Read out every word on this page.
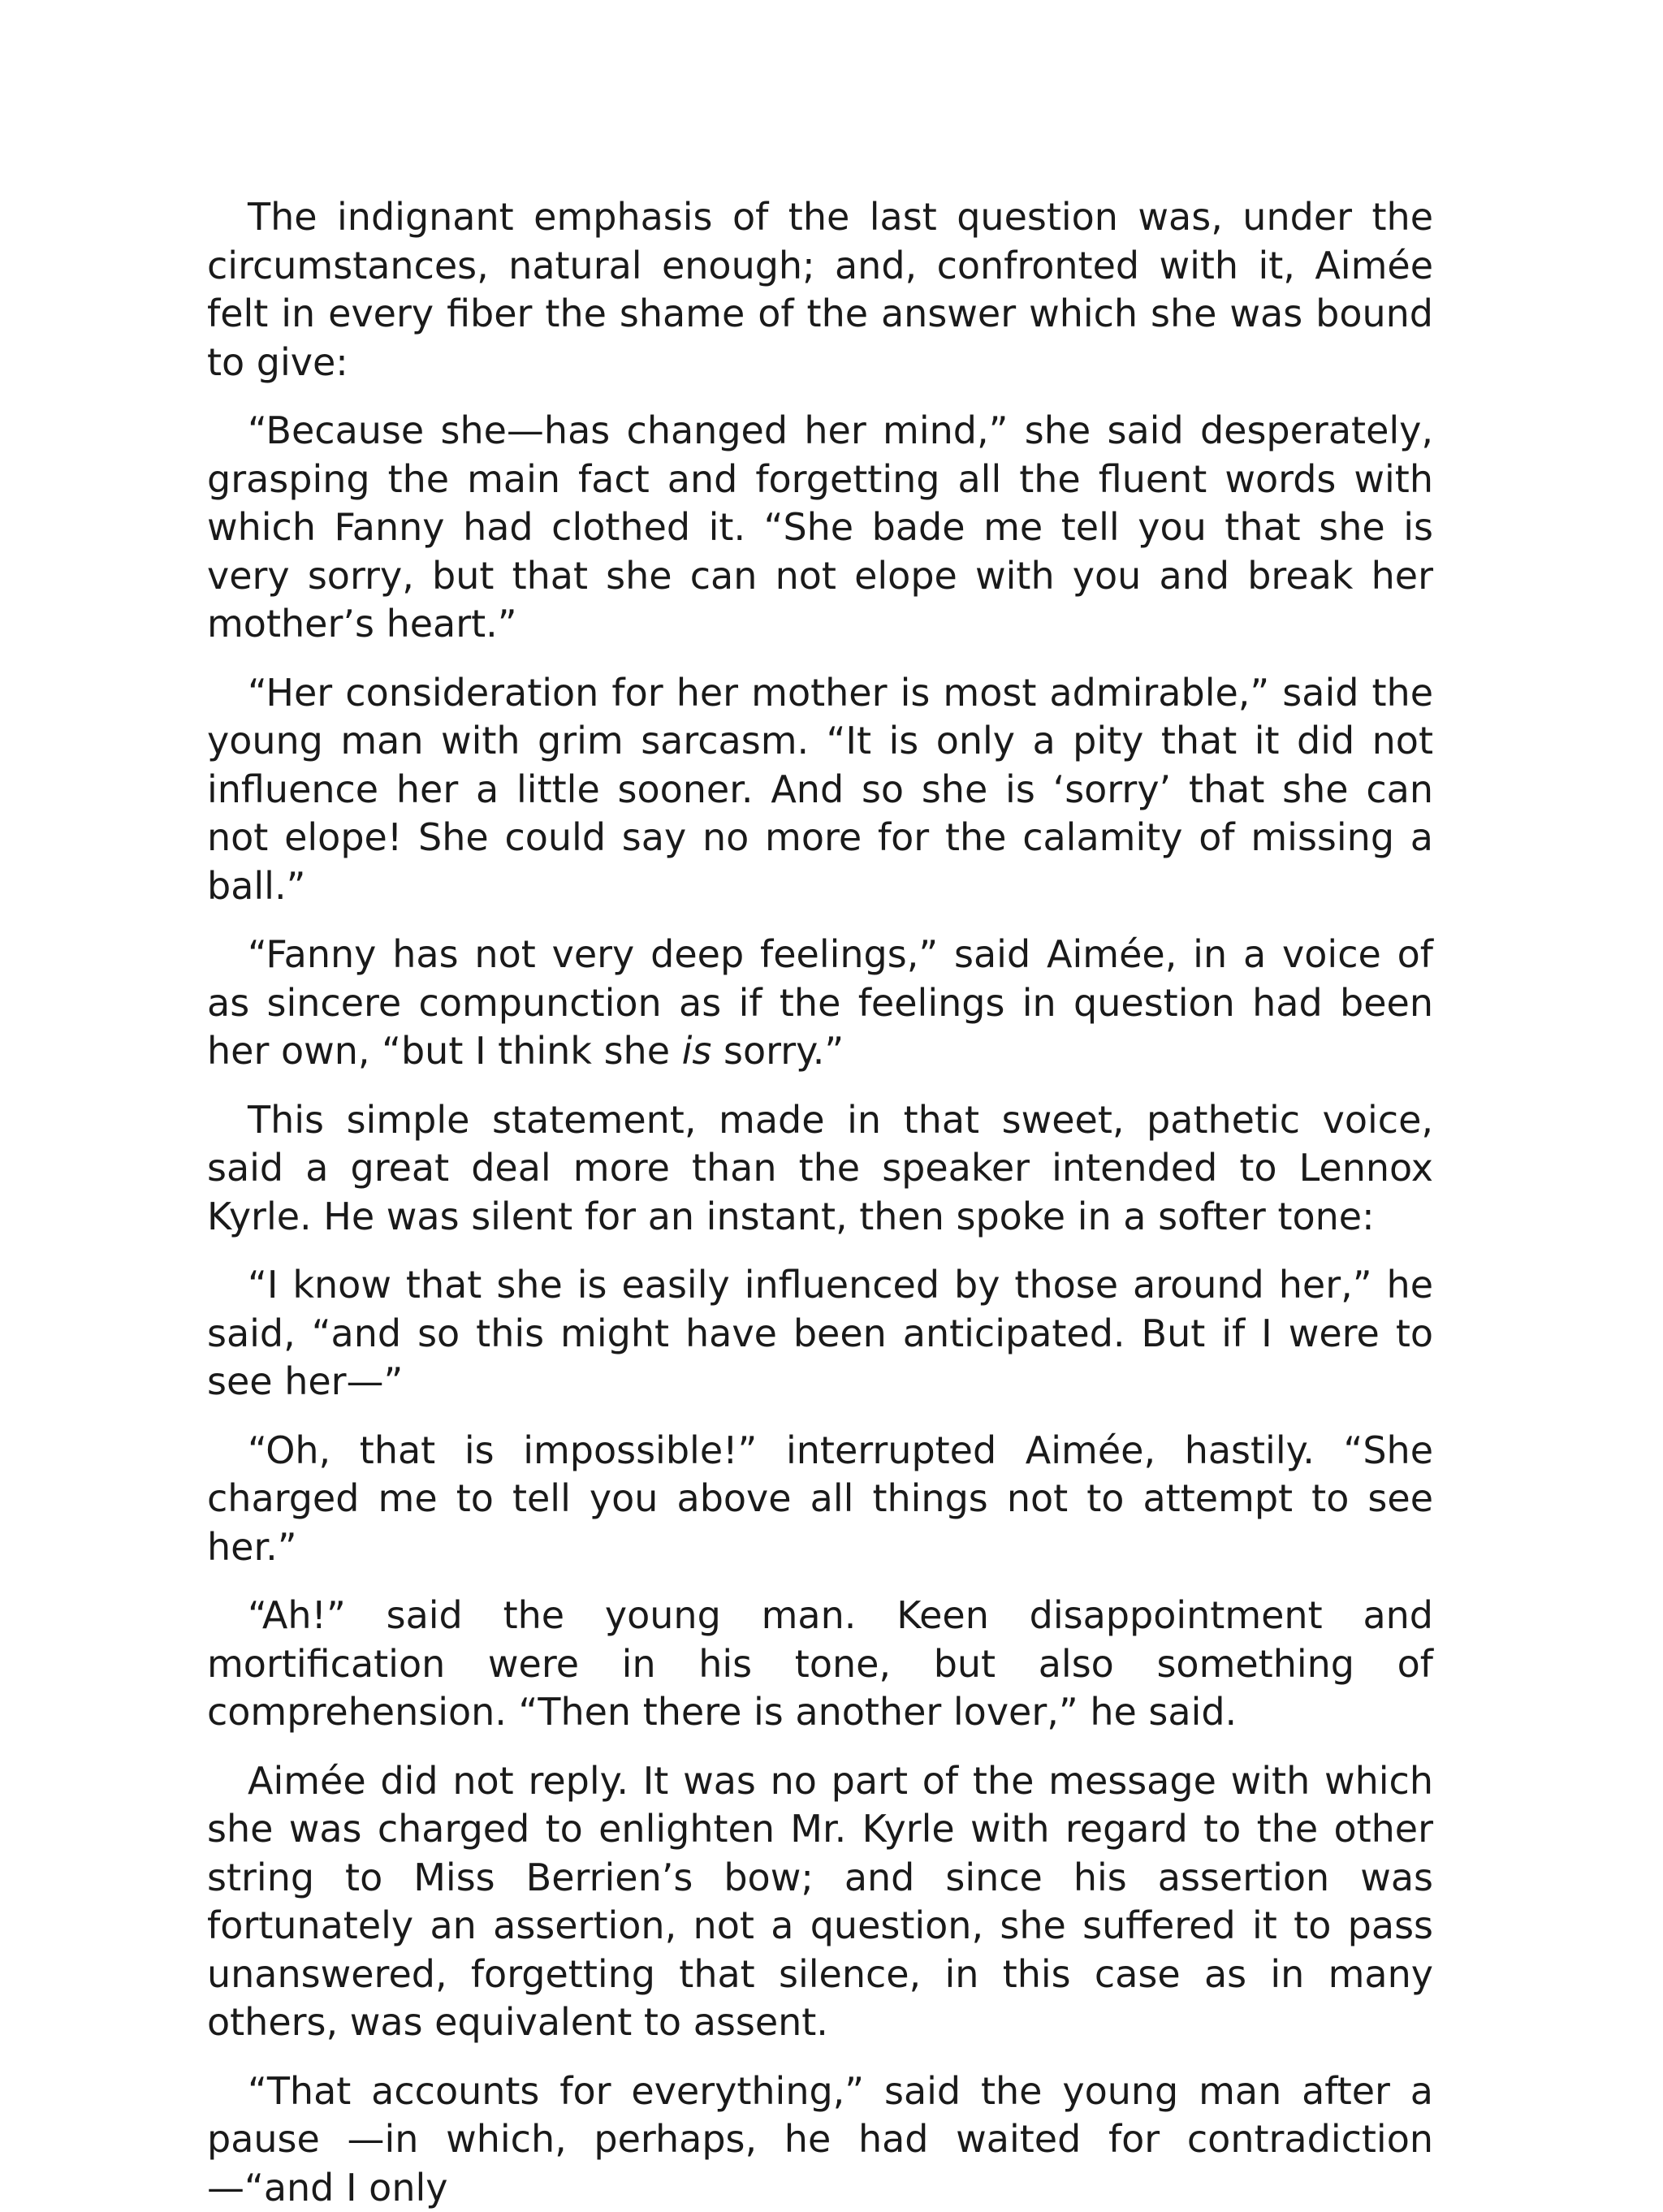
The indignant emphasis of the last question was, under the circumstances, natural enough; and, confronted with it, Aimée felt in every fiber the shame of the answer which she was bound to give:

“Because she—has changed her mind,” she said desperately, grasping the main fact and forgetting all the fluent words with which Fanny had clothed it. “She bade me tell you that she is very sorry, but that she can not elope with you and break her mother’s heart.”

“Her consideration for her mother is most admirable,” said the young man with grim sarcasm. “It is only a pity that it did not influence her a little sooner. And so she is ‘sorry’ that she can not elope! She could say no more for the calamity of missing a ball.”

“Fanny has not very deep feelings,” said Aimée, in a voice of as sincere compunction as if the feelings in question had been her own, “but I think she is sorry.”

This simple statement, made in that sweet, pathetic voice, said a great deal more than the speaker intended to Lennox Kyrle. He was silent for an instant, then spoke in a softer tone:

“I know that she is easily influenced by those around her,” he said, “and so this might have been anticipated. But if I were to see her—”

“Oh, that is impossible!” interrupted Aimée, hastily. “She charged me to tell you above all things not to attempt to see her.”

“Ah!” said the young man. Keen disappointment and mortification were in his tone, but also something of comprehension. “Then there is another lover,” he said.

Aimée did not reply. It was no part of the message with which she was charged to enlighten Mr. Kyrle with regard to the other string to Miss Berrien’s bow; and since his assertion was fortunately an assertion, not a question, she suffered it to pass unanswered, forgetting that silence, in this case as in many others, was equivalent to assent.

“That accounts for everything,” said the young man after a pause —in which, perhaps, he had waited for contradiction—“and I only
